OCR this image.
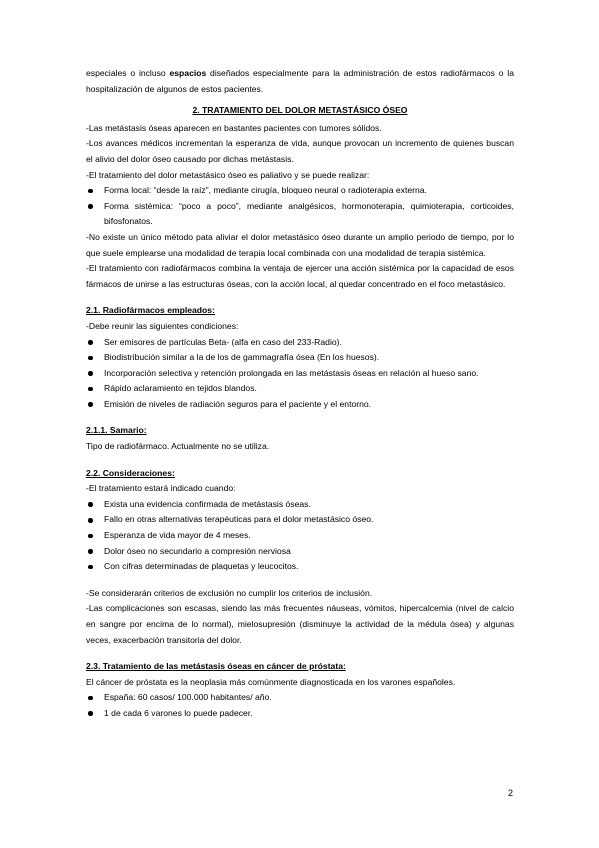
especiales o incluso espacios diseñados especialmente para la administración de estos radiofármacos o la hospitalización de algunos de estos pacientes.

2. TRATAMIENTO DEL DOLOR METASTÁSICO ÓSEO

-Las metástasis óseas aparecen en bastantes pacientes con tumores sólidos.

-Los avances médicos incrementan la esperanza de vida, aunque provocan un incremento de quienes buscan el alivio del dolor óseo causado por dichas metástasis.

-El tratamiento del dolor metastásico óseo es paliativo y se puede realizar:

Forma local: “desde la raíz”, mediante cirugía, bloqueo neural o radioterapia externa.
Forma sistémica: “poco a poco”, mediante analgésicos, hormonoterapia, quimioterapia, corticoides, bifosfonatos.

-No existe un único método pata aliviar el dolor metastásico óseo durante un amplio periodo de tiempo, por lo que suele emplearse una modalidad de terapia local combinada con una modalidad de terapia sistémica.

-El tratamiento con radiofármacos combina la ventaja de ejercer una acción sistémica por la capacidad de esos fármacos de unirse a las estructuras óseas, con la acción local, al quedar concentrado en el foco metastásico.

2.1. Radiofármacos empleados:

-Debe reunir las siguientes condiciones:

Ser emisores de partículas Beta- (alfa en caso del 233-Radio).
Biodistribución similar a la de los de gammagrafía ósea (En los huesos).
Incorporación selectiva y retención prolongada en las metástasis óseas en relación al hueso sano.
Rápido aclaramiento en tejidos blandos.
Emisión de niveles de radiación seguros para el paciente y el entorno.

2.1.1. Samario:

Tipo de radiofármaco. Actualmente no se utiliza.

2.2. Consideraciones:

-El tratamiento estará indicado cuando:

Exista una evidencia confirmada de metástasis óseas.
Fallo en otras alternativas terapéuticas para el dolor metastásico óseo.
Esperanza de vida mayor de 4 meses.
Dolor óseo no secundario a compresión nerviosa
Con cifras determinadas de plaquetas y leucocitos.

-Se considerarán criterios de exclusión no cumplir los criterios de inclusión.

-Las complicaciones son escasas, siendo las más frecuentes náuseas, vómitos, hipercalcemia (nivel de calcio en sangre por encima de lo normal), mielosupresión (disminuye la actividad de la médula ósea) y algunas veces, exacerbación transitoria del dolor.

2.3. Tratamiento de las metástasis óseas en cáncer de próstata:

El cáncer de próstata es la neoplasia más comúnmente diagnosticada en los varones españoles.

España: 60 casos/ 100.000 habitantes/ año.
1 de cada 6 varones lo puede padecer.
2
